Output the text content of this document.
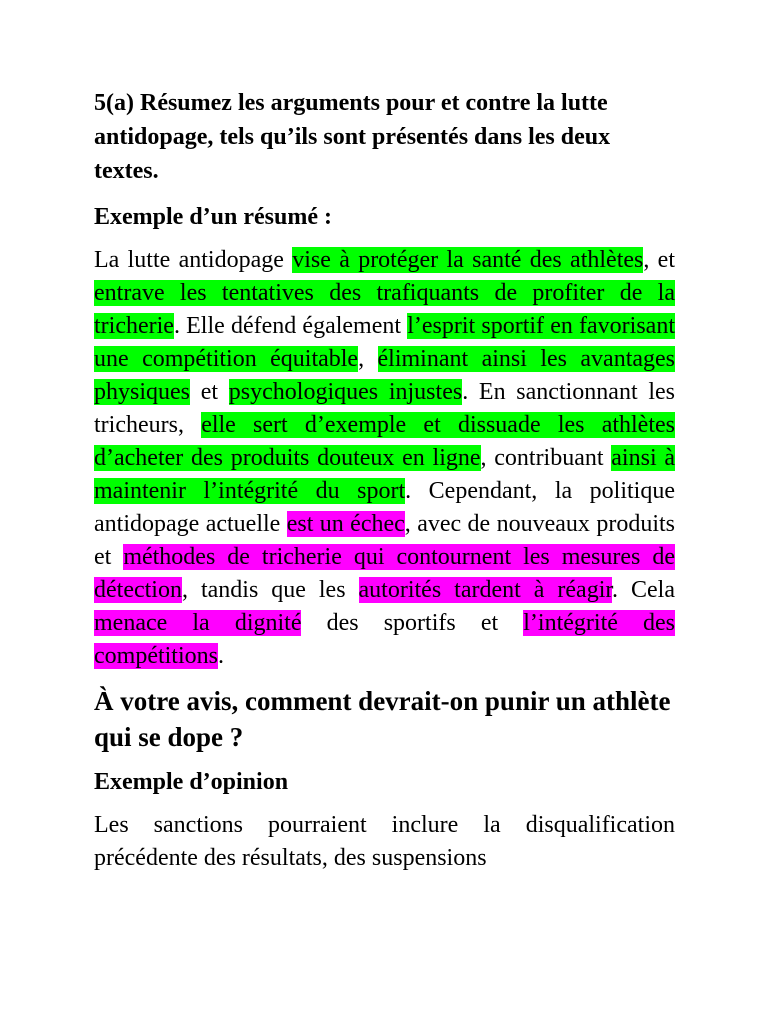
5(a) Résumez les arguments pour et contre la lutte antidopage, tels qu’ils sont présentés dans les deux textes.

Exemple d’un résumé :

La lutte antidopage vise à protéger la santé des athlètes, et entrave les tentatives des trafiquants de profiter de la tricherie. Elle défend également l’esprit sportif en favorisant une compétition équitable, éliminant ainsi les avantages physiques et psychologiques injustes. En sanctionnant les tricheurs, elle sert d’exemple et dissuade les athlètes d’acheter des produits douteux en ligne, contribuant ainsi à maintenir l’intégrité du sport. Cependant, la politique antidopage actuelle est un échec, avec de nouveaux produits et méthodes de tricherie qui contournent les mesures de détection, tandis que les autorités tardent à réagir. Cela menace la dignité des sportifs et l’intégrité des compétitions.

À votre avis, comment devrait-on punir un athlète qui se dope ?

Exemple d’opinion

Les sanctions pourraient inclure la disqualification précédente des résultats, des suspensions
